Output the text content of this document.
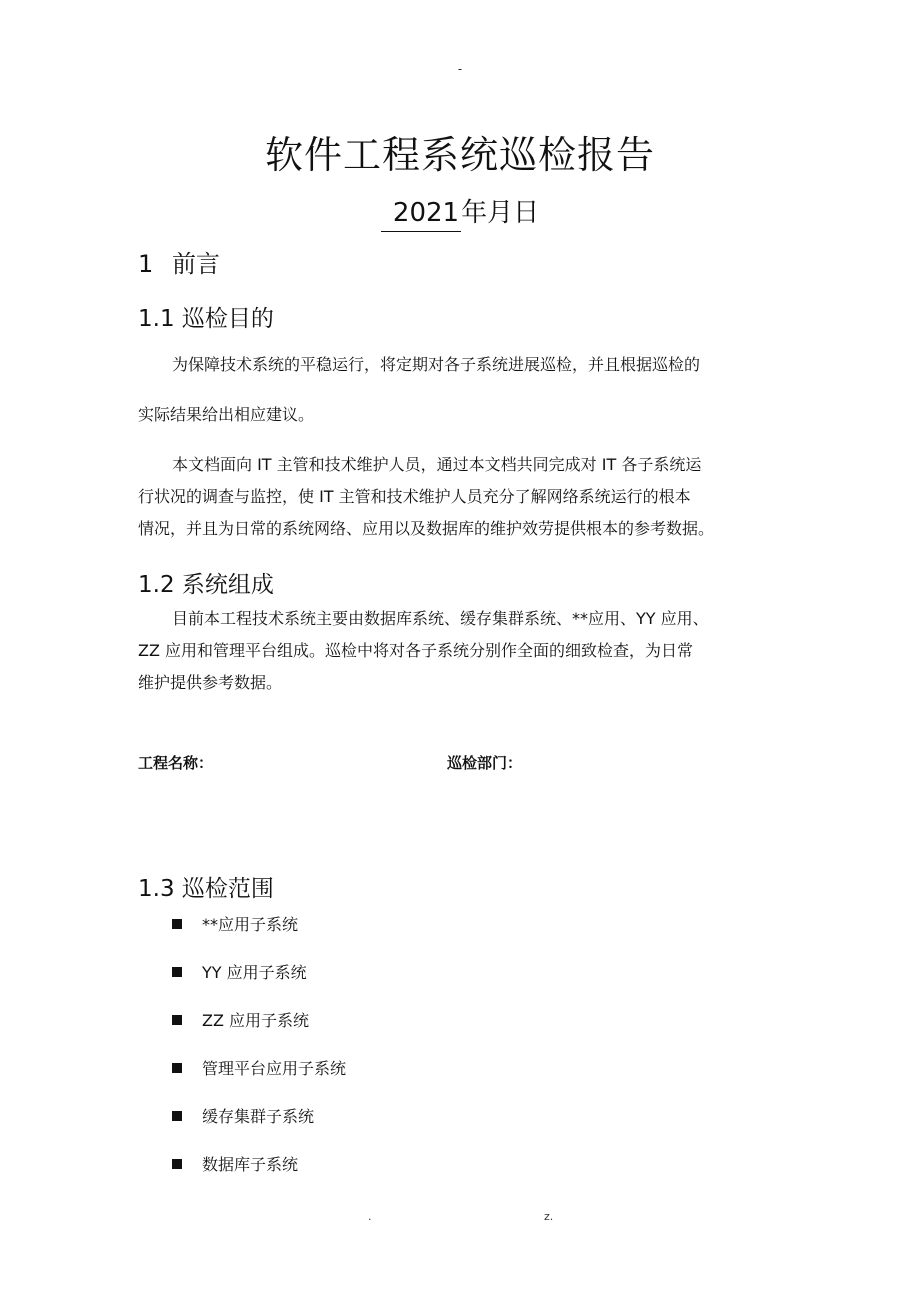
-
软件工程系统巡检报告
2021年月日
1 前言
1.1 巡检目的
为保障技术系统的平稳运行，将定期对各子系统进展巡检，并且根据巡检的
实际结果给出相应建议。
本文档面向 IT 主管和技术维护人员，通过本文档共同完成对 IT 各子系统运
行状况的调查与监控，使 IT 主管和技术维护人员充分了解网络系统运行的根本
情况，并且为日常的系统网络、应用以及数据库的维护效劳提供根本的参考数据。
1.2 系统组成
目前本工程技术系统主要由数据库系统、缓存集群系统、**应用、YY 应用、
ZZ 应用和管理平台组成。巡检中将对各子系统分别作全面的细致检查，为日常
维护提供参考数据。
工程名称：	巡检部门：
1.3 巡检范围
**应用子系统
YY 应用子系统
ZZ 应用子系统
管理平台应用子系统
缓存集群子系统
数据库子系统
.	z.
